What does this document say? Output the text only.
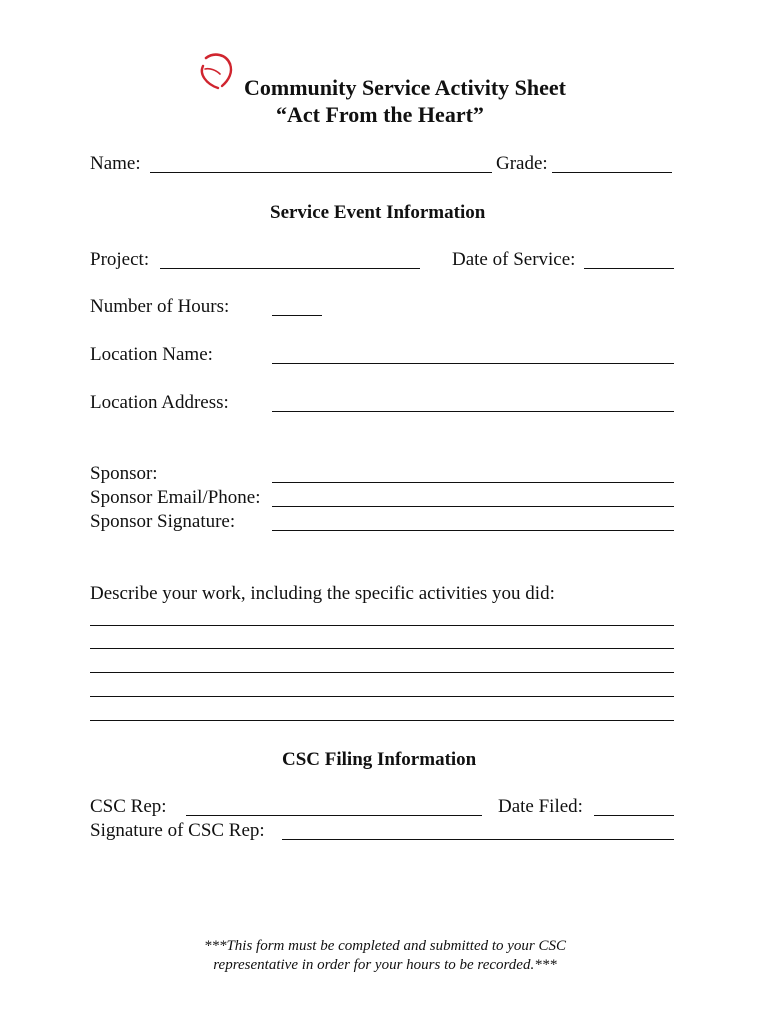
Community Service Activity Sheet
“Act From the Heart”
Name:	Grade:
Service Event Information
Project:	Date of Service:
Number of Hours:
Location Name:
Location Address:
Sponsor:
Sponsor Email/Phone:
Sponsor Signature:
Describe your work, including the specific activities you did:
CSC Filing Information
CSC Rep:	Date Filed:
Signature of CSC Rep:
***This form must be completed and submitted to your CSC
representative in order for your hours to be recorded.***
